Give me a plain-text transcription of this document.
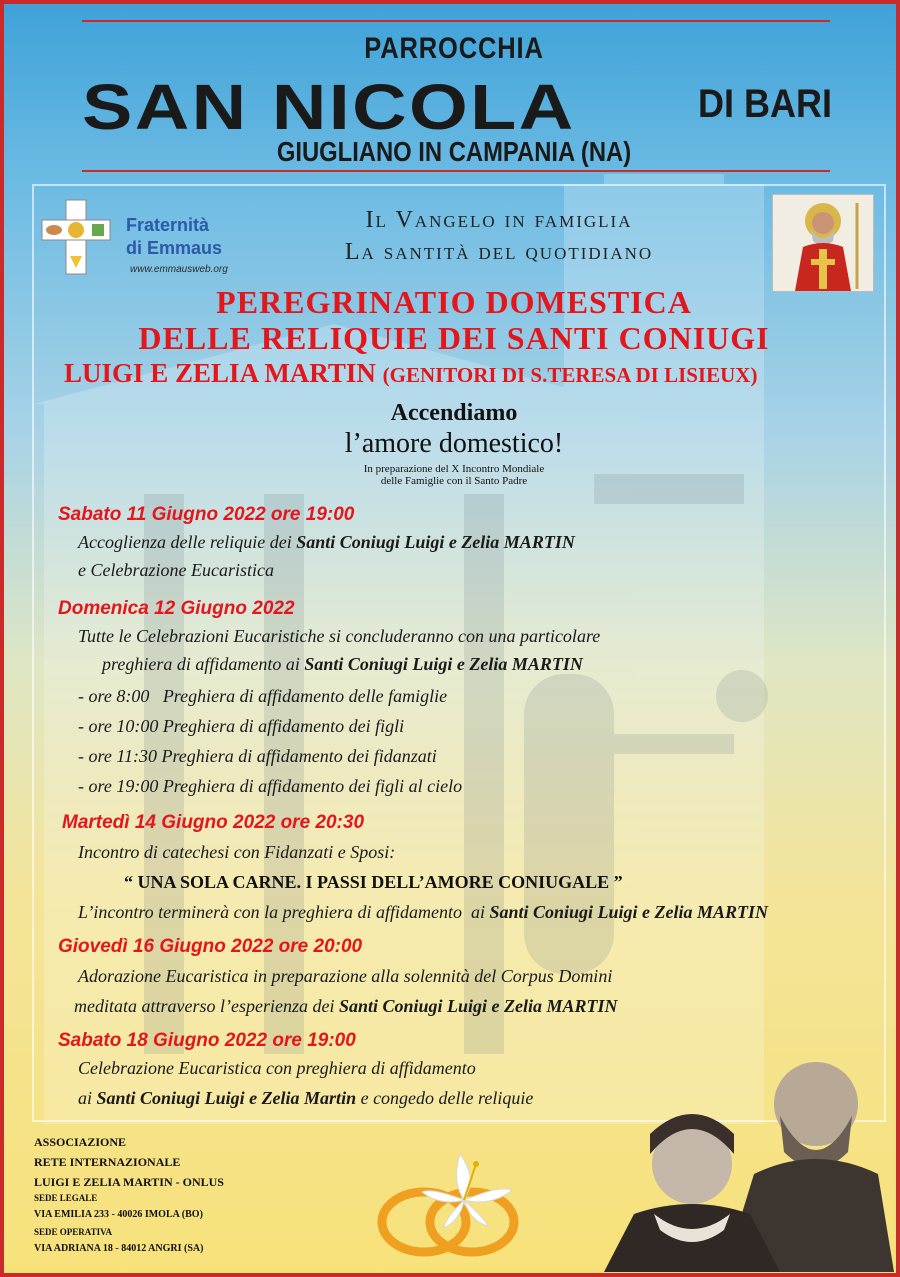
PARROCCHIA
SAN NICOLA	DI BARI
GIUGLIANO IN CAMPANIA (NA)
Fraternità
di Emmaus
www.emmausweb.org
Il Vangelo in famiglia
La santità del quotidiano
PEREGRINATIO DOMESTICA
DELLE RELIQUIE DEI SANTI CONIUGI
LUIGI E ZELIA MARTIN (GENITORI DI S.TERESA DI LISIEUX)
Accendiamo
l’amore domestico!
In preparazione del X Incontro Mondiale
delle Famiglie con il Santo Padre
Sabato 11 Giugno 2022 ore 19:00
Accoglienza delle reliquie dei Santi Coniugi Luigi e Zelia MARTIN
e Celebrazione Eucaristica
Domenica 12 Giugno 2022
Tutte le Celebrazioni Eucaristiche si concluderanno con una particolare
preghiera di affidamento ai Santi Coniugi Luigi e Zelia MARTIN
- ore 8:00   Preghiera di affidamento delle famiglie
- ore 10:00 Preghiera di affidamento dei figli
- ore 11:30 Preghiera di affidamento dei fidanzati
- ore 19:00 Preghiera di affidamento dei figli al cielo
Martedì 14 Giugno 2022 ore 20:30
Incontro di catechesi con Fidanzati e Sposi:
“ UNA SOLA CARNE. I PASSI DELL’AMORE CONIUGALE ”
L’incontro terminerà con la preghiera di affidamento  ai Santi Coniugi Luigi e Zelia MARTIN
Giovedì 16 Giugno 2022 ore 20:00
Adorazione Eucaristica in preparazione alla solennità del Corpus Domini
meditata attraverso l’esperienza dei Santi Coniugi Luigi e Zelia MARTIN
Sabato 18 Giugno 2022 ore 19:00
Celebrazione Eucaristica con preghiera di affidamento
ai Santi Coniugi Luigi e Zelia Martin e congedo delle reliquie
ASSOCIAZIONE
RETE INTERNAZIONALE
LUIGI E ZELIA MARTIN - ONLUS
SEDE LEGALE
VIA EMILIA 233 - 40026 IMOLA (BO)
SEDE OPERATIVA
VIA ADRIANA 18 - 84012 ANGRI (SA)
